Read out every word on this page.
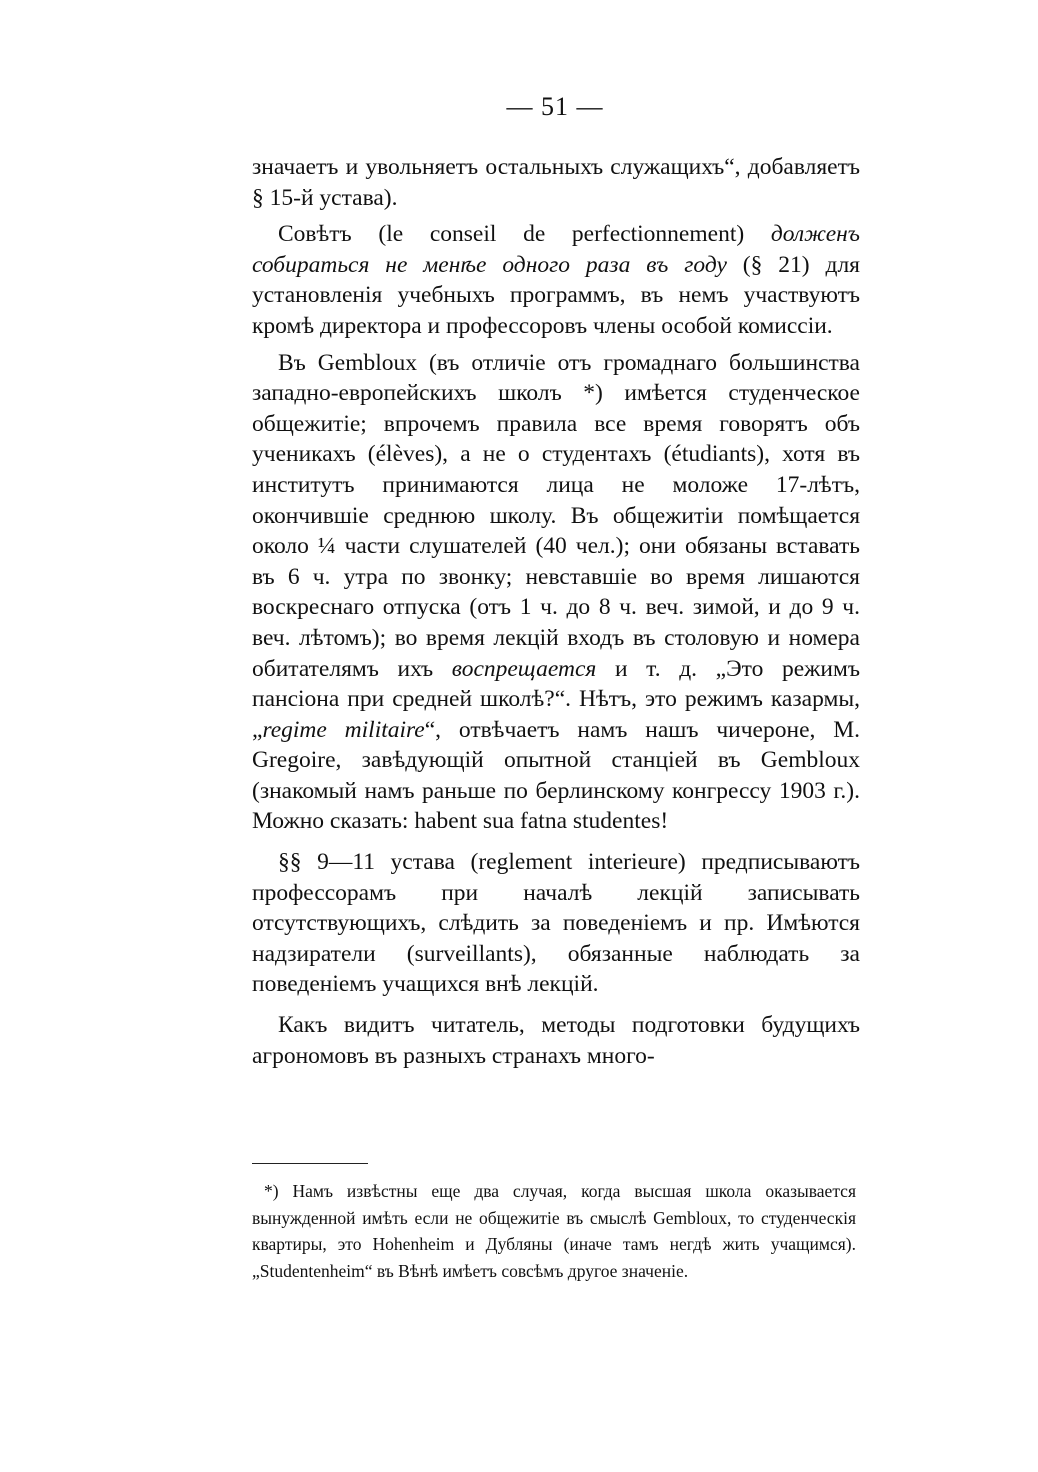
— 51 —

значаетъ и увольняетъ остальныхъ служащихъ“, добавляетъ § 15-й устава).

Совѣтъ (le conseil de perfectionnement) долженъ собираться не менѣе одного раза въ году (§ 21) для установленія учебныхъ программъ, въ немъ участвуютъ кромѣ директора и профессоровъ члены особой комиссіи.

Въ Gembloux (въ отличіе отъ громаднаго большинства западно-европейскихъ школъ *) имѣется студенческое общежитіе; впрочемъ правила все время говорятъ объ ученикахъ (élèves), а не о студентахъ (étudiants), хотя въ институтъ принимаются лица не моложе 17-лѣтъ, окончившіе среднюю школу. Въ общежитіи помѣщается около ¼ части слушателей (40 чел.); они обязаны вставать въ 6 ч. утра по звонку; невставшіе во время лишаются воскреснаго отпуска (отъ 1 ч. до 8 ч. веч. зимой, и до 9 ч. веч. лѣтомъ); во время лекцій входъ въ столовую и номера обитателямъ ихъ воспрещается и т. д. „Это режимъ пансіона при средней школѣ?“. Нѣтъ, это режимъ казармы, „regime militaire“, отвѣчаетъ намъ нашъ чичероне, M. Gregoire, завѣдующій опытной станціей въ Gembloux (знакомый намъ раньше по берлинскому конгрессу 1903 г.). Можно сказать: habent sua fatna studentes!

§§ 9—11 устава (reglement interieure) предписываютъ профессорамъ при началѣ лекцій записывать отсутствующихъ, слѣдить за поведеніемъ и пр. Имѣются надзиратели (surveillants), обязанные наблюдать за поведеніемъ учащихся внѣ лекцій.

Какъ видитъ читатель, методы подготовки будущихъ агрономовъ въ разныхъ странахъ много-

*) Намъ извѣстны еще два случая, когда высшая школа оказывается вынужденной имѣть если не общежитіе въ смыслѣ Gembloux, то студенческія квартиры, это Hohenheim и Дубляны (иначе тамъ негдѣ жить учащимся). „Studentenheim“ въ Вѣнѣ имѣетъ совсѣмъ другое значеніе.
